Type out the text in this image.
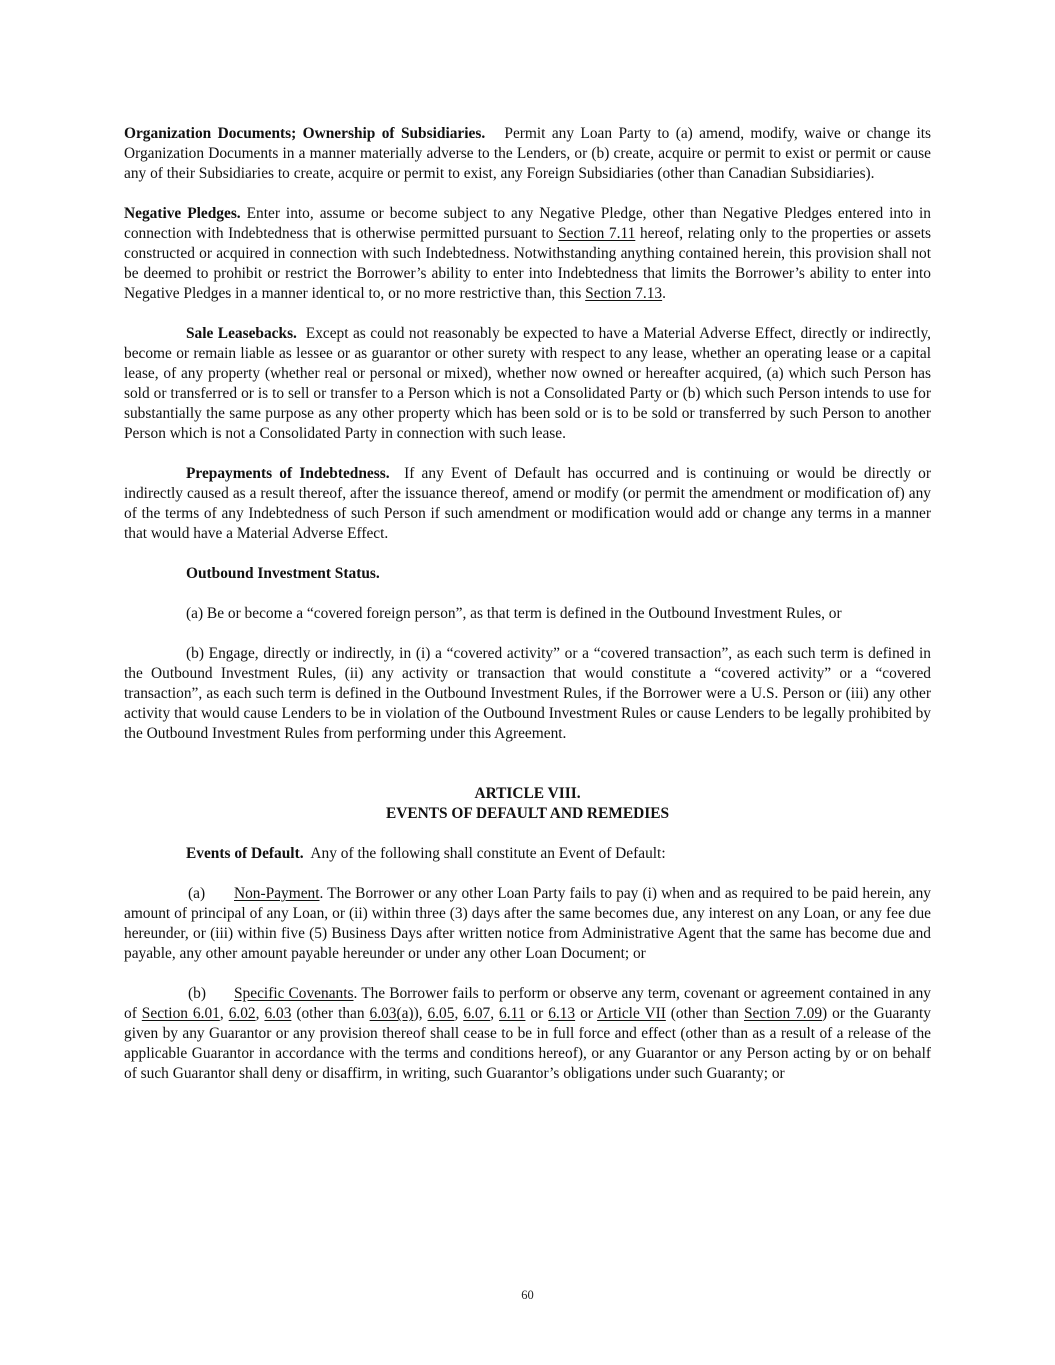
Organization Documents; Ownership of Subsidiaries. Permit any Loan Party to (a) amend, modify, waive or change its Organization Documents in a manner materially adverse to the Lenders, or (b) create, acquire or permit to exist or permit or cause any of their Subsidiaries to create, acquire or permit to exist, any Foreign Subsidiaries (other than Canadian Subsidiaries).

Negative Pledges. Enter into, assume or become subject to any Negative Pledge, other than Negative Pledges entered into in connection with Indebtedness that is otherwise permitted pursuant to Section 7.11 hereof, relating only to the properties or assets constructed or acquired in connection with such Indebtedness. Notwithstanding anything contained herein, this provision shall not be deemed to prohibit or restrict the Borrower’s ability to enter into Indebtedness that limits the Borrower’s ability to enter into Negative Pledges in a manner identical to, or no more restrictive than, this Section 7.13.

Sale Leasebacks. Except as could not reasonably be expected to have a Material Adverse Effect, directly or indirectly, become or remain liable as lessee or as guarantor or other surety with respect to any lease, whether an operating lease or a capital lease, of any property (whether real or personal or mixed), whether now owned or hereafter acquired, (a) which such Person has sold or transferred or is to sell or transfer to a Person which is not a Consolidated Party or (b) which such Person intends to use for substantially the same purpose as any other property which has been sold or is to be sold or transferred by such Person to another Person which is not a Consolidated Party in connection with such lease.

Prepayments of Indebtedness. If any Event of Default has occurred and is continuing or would be directly or indirectly caused as a result thereof, after the issuance thereof, amend or modify (or permit the amendment or modification of) any of the terms of any Indebtedness of such Person if such amendment or modification would add or change any terms in a manner that would have a Material Adverse Effect.

Outbound Investment Status.

(a) Be or become a “covered foreign person”, as that term is defined in the Outbound Investment Rules, or

(b) Engage, directly or indirectly, in (i) a “covered activity” or a “covered transaction”, as each such term is defined in the Outbound Investment Rules, (ii) any activity or transaction that would constitute a “covered activity” or a “covered transaction”, as each such term is defined in the Outbound Investment Rules, if the Borrower were a U.S. Person or (iii) any other activity that would cause Lenders to be in violation of the Outbound Investment Rules or cause Lenders to be legally prohibited by the Outbound Investment Rules from performing under this Agreement.

ARTICLE VIII.
EVENTS OF DEFAULT AND REMEDIES

Events of Default. Any of the following shall constitute an Event of Default:

(a) Non-Payment. The Borrower or any other Loan Party fails to pay (i) when and as required to be paid herein, any amount of principal of any Loan, or (ii) within three (3) days after the same becomes due, any interest on any Loan, or any fee due hereunder, or (iii) within five (5) Business Days after written notice from Administrative Agent that the same has become due and payable, any other amount payable hereunder or under any other Loan Document; or

(b) Specific Covenants. The Borrower fails to perform or observe any term, covenant or agreement contained in any of Section 6.01, 6.02, 6.03 (other than 6.03(a)), 6.05, 6.07, 6.11 or 6.13 or Article VII (other than Section 7.09) or the Guaranty given by any Guarantor or any provision thereof shall cease to be in full force and effect (other than as a result of a release of the applicable Guarantor in accordance with the terms and conditions hereof), or any Guarantor or any Person acting by or on behalf of such Guarantor shall deny or disaffirm, in writing, such Guarantor’s obligations under such Guaranty; or

60
